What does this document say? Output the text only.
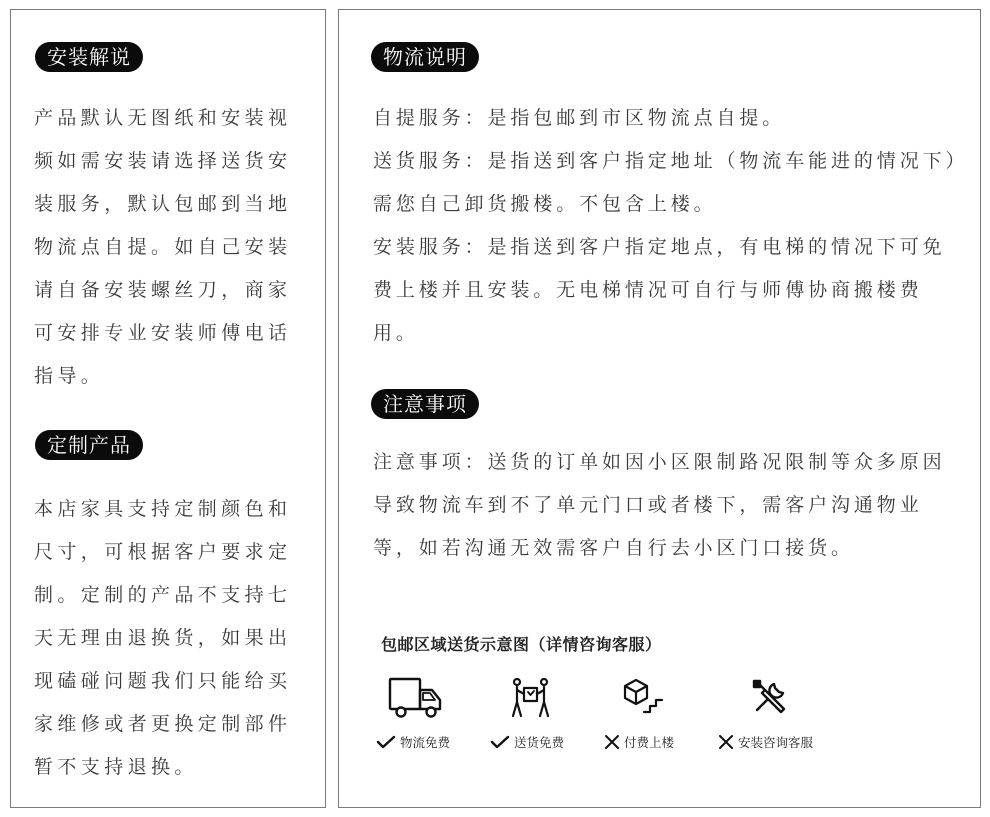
安装解说

产品默认无图纸和安装视频如需安装请选择送货安装服务，默认包邮到当地物流点自提。如自己安装请自备安装螺丝刀，商家可安排专业安装师傅电话指导。

定制产品

本店家具支持定制颜色和尺寸，可根据客户要求定制。定制的产品不支持七天无理由退换货，如果出现磕碰问题我们只能给买家维修或者更换定制部件暂不支持退换。

物流说明

自提服务：是指包邮到市区物流点自提。
送货服务：是指送到客户指定地址（物流车能进的情况下）需您自己卸货搬楼。不包含上楼。
安装服务：是指送到客户指定地点，有电梯的情况下可免费上楼并且安装。无电梯情况可自行与师傅协商搬楼费用。

注意事项

注意事项：送货的订单如因小区限制路况限制等众多原因导致物流车到不了单元门口或者楼下，需客户沟通物业等，如若沟通无效需客户自行去小区门口接货。

包邮区域送货示意图（详情咨询客服）
物流免费	送货免费	付费上楼	安装咨询客服
